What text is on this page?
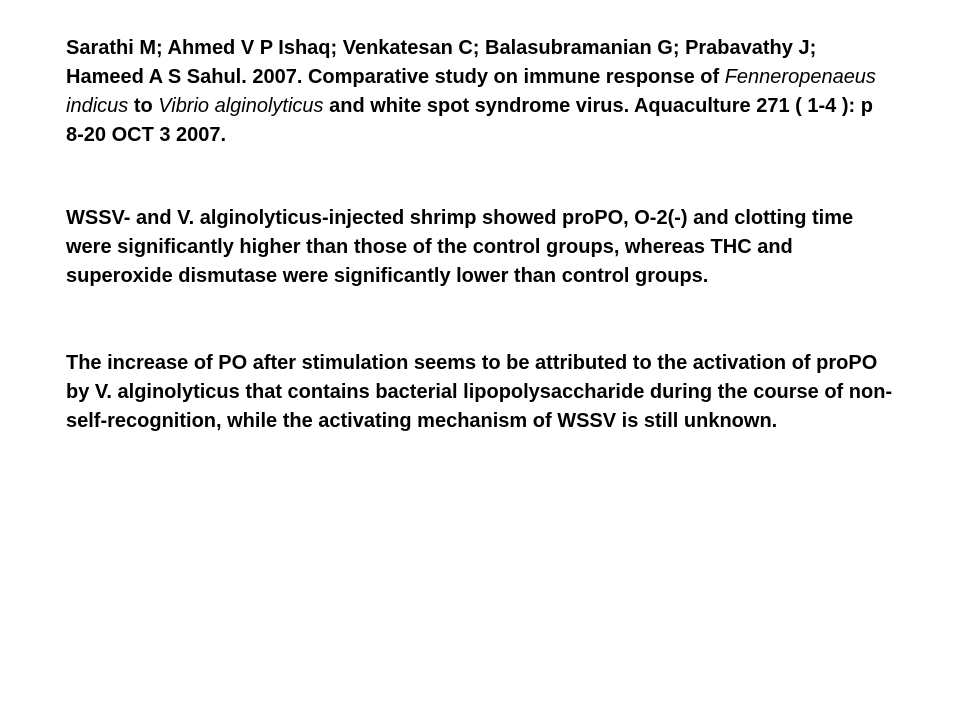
Sarathi M; Ahmed V P Ishaq; Venkatesan C; Balasubramanian G; Prabavathy J; Hameed A S Sahul. 2007. Comparative study on immune response of Fenneropenaeus indicus to Vibrio alginolyticus and white spot syndrome virus. Aquaculture 271 ( 1-4 ): p 8-20 OCT 3 2007.

WSSV- and V. alginolyticus-injected shrimp showed proPO, O-2(-) and clotting time were significantly higher than those of the control groups, whereas THC and superoxide dismutase were significantly lower than control groups.

The increase of PO after stimulation seems to be attributed to the activation of proPO by V. alginolyticus that contains bacterial lipopolysaccharide during the course of non-self-recognition, while the activating mechanism of WSSV is still unknown.
